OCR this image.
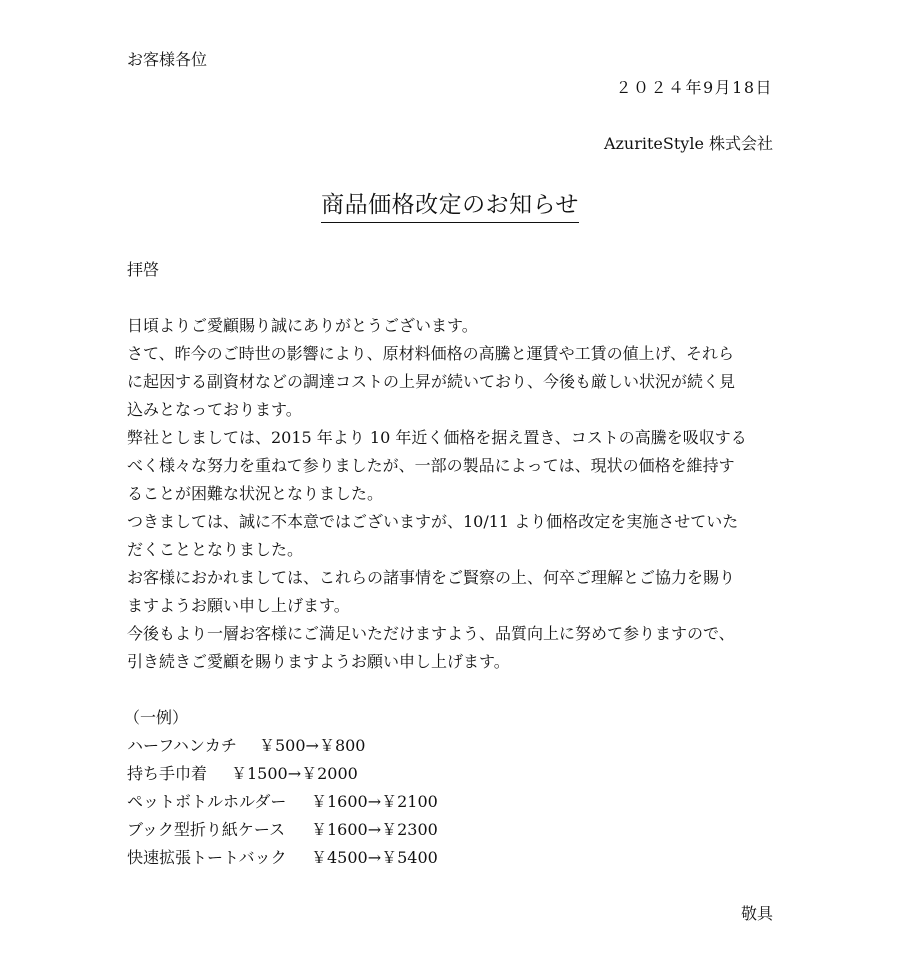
お客様各位
２０２４年9月18日
AzuriteStyle 株式会社
商品価格改定のお知らせ
拝啓
日頃よりご愛顧賜り誠にありがとうございます。
さて、昨今のご時世の影響により、原材料価格の高騰と運賃や工賃の値上げ、それら
に起因する副資材などの調達コストの上昇が続いており、今後も厳しい状況が続く見
込みとなっております。
弊社としましては、2015 年より 10 年近く価格を据え置き、コストの高騰を吸収する
べく様々な努力を重ねて参りましたが、一部の製品によっては、現状の価格を維持す
ることが困難な状況となりました。
つきましては、誠に不本意ではございますが、10/11 より価格改定を実施させていた
だくこととなりました。
お客様におかれましては、これらの諸事情をご賢察の上、何卒ご理解とご協力を賜り
ますようお願い申し上げます。
今後もより一層お客様にご満足いただけますよう、品質向上に努めて参りますので、
引き続きご愛顧を賜りますようお願い申し上げます。
（一例）
ハーフハンカチ ￥500→￥800
持ち手巾着 ￥1500→￥2000
ペットボトルホルダー ￥1600→￥2100
ブック型折り紙ケース ￥1600→￥2300
快速拡張トートバック ￥4500→￥5400
敬具
